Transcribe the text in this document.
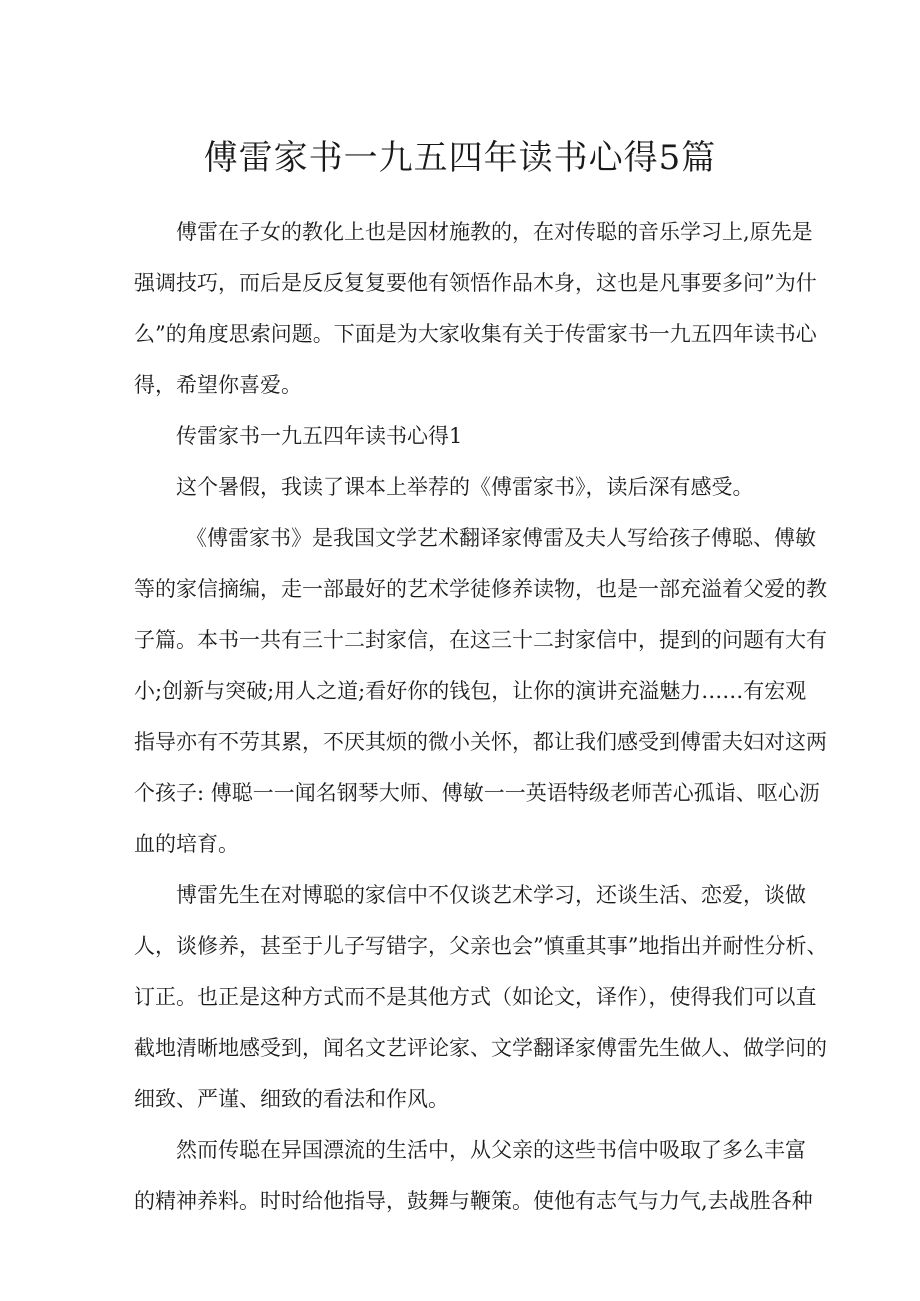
傅雷家书一九五四年读书心得5篇
傅雷在子女的教化上也是因材施教的，在对传聪的音乐学习上,原先是
强调技巧，而后是反反复复要他有领悟作品木身，这也是凡事要多问”为什
么”的角度思索问题。下面是为大家收集有关于传雷家书一九五四年读书心
得，希望你喜爱。
传雷家书一九五四年读书心得1
这个暑假，我读了课本上举荐的《傅雷家书》，读后深有感受。
《傅雷家书》是我国文学艺术翻译家傅雷及夫人写给孩子傅聪、傅敏
等的家信摘编，走一部最好的艺术学徒修养读物，也是一部充溢着父爱的教
子篇。本书一共有三十二封家信，在这三十二封家信中，提到的问题有大有
小;创新与突破;用人之道;看好你的钱包，让你的演讲充溢魅力……有宏观
指导亦有不劳其累，不厌其烦的微小关怀，都让我们感受到傅雷夫妇对这两
个孩子: 傅聪一一闻名钢琴大师、傅敏一一英语特级老师苦心孤诣、呕心沥
血的培育。
博雷先生在对博聪的家信中不仅谈艺术学习，还谈生活、恋爱，谈做
人，谈修养，甚至于儿子写错字，父亲也会”慎重其事”地指出并耐性分析、
订正。也正是这种方式而不是其他方式（如论文，译作），使得我们可以直
截地清晰地感受到，闻名文艺评论家、文学翻译家傅雷先生做人、做学问的
细致、严谨、细致的看法和作风。
然而传聪在异国漂流的生活中，从父亲的这些书信中吸取了多么丰富
的精神养料。时时给他指导，鼓舞与鞭策。使他有志气与力气,去战胜各种
